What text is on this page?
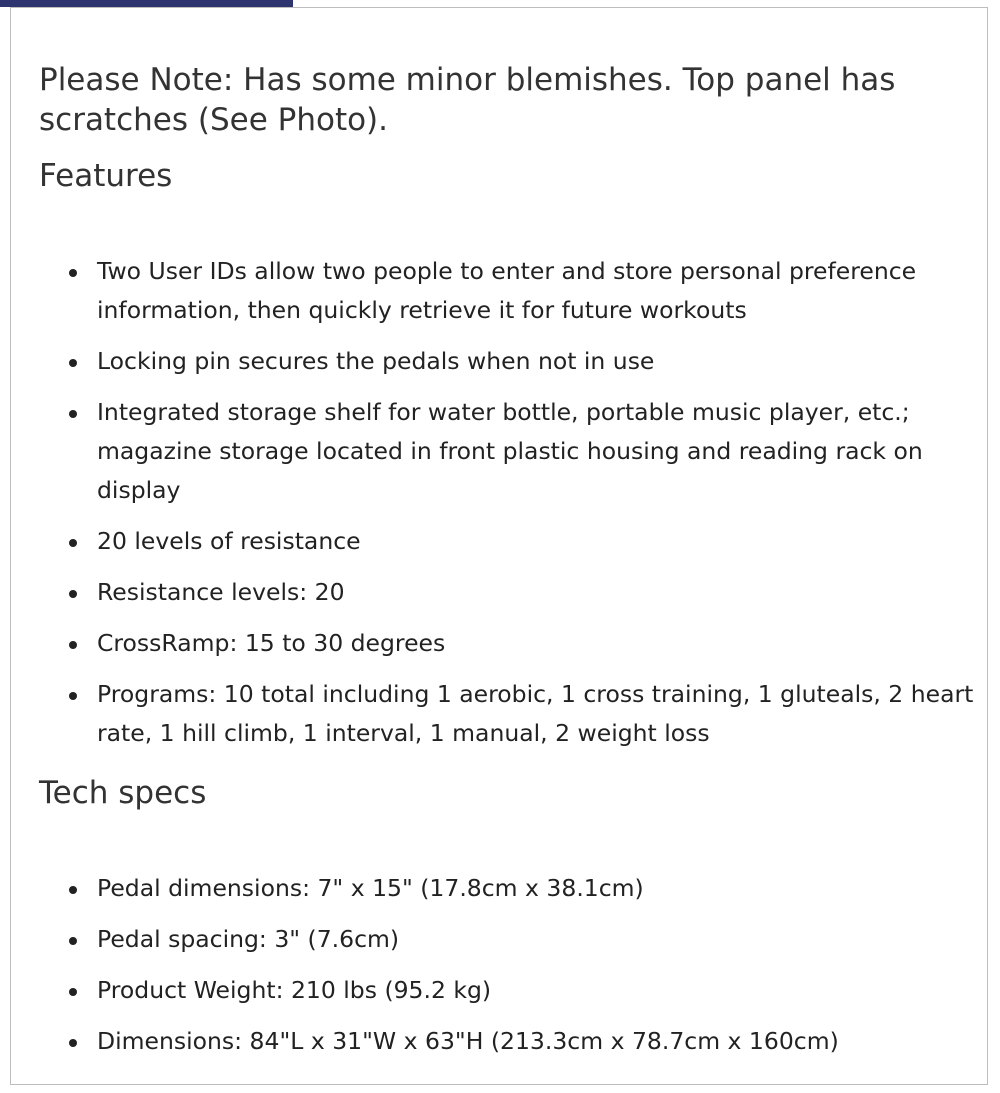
Please Note: Has some minor blemishes. Top panel has scratches (See Photo).

Features
Two User IDs allow two people to enter and store personal preference information, then quickly retrieve it for future workouts
Locking pin secures the pedals when not in use
Integrated storage shelf for water bottle, portable music player, etc.; magazine storage located in front plastic housing and reading rack on display
20 levels of resistance
Resistance levels: 20
CrossRamp: 15 to 30 degrees
Programs: 10 total including 1 aerobic, 1 cross training, 1 gluteals, 2 heart rate, 1 hill climb, 1 interval, 1 manual, 2 weight loss
Tech specs
Pedal dimensions: 7" x 15" (17.8cm x 38.1cm)
Pedal spacing: 3" (7.6cm)
Product Weight: 210 lbs (95.2 kg)
Dimensions: 84"L x 31"W x 63"H (213.3cm x 78.7cm x 160cm)
